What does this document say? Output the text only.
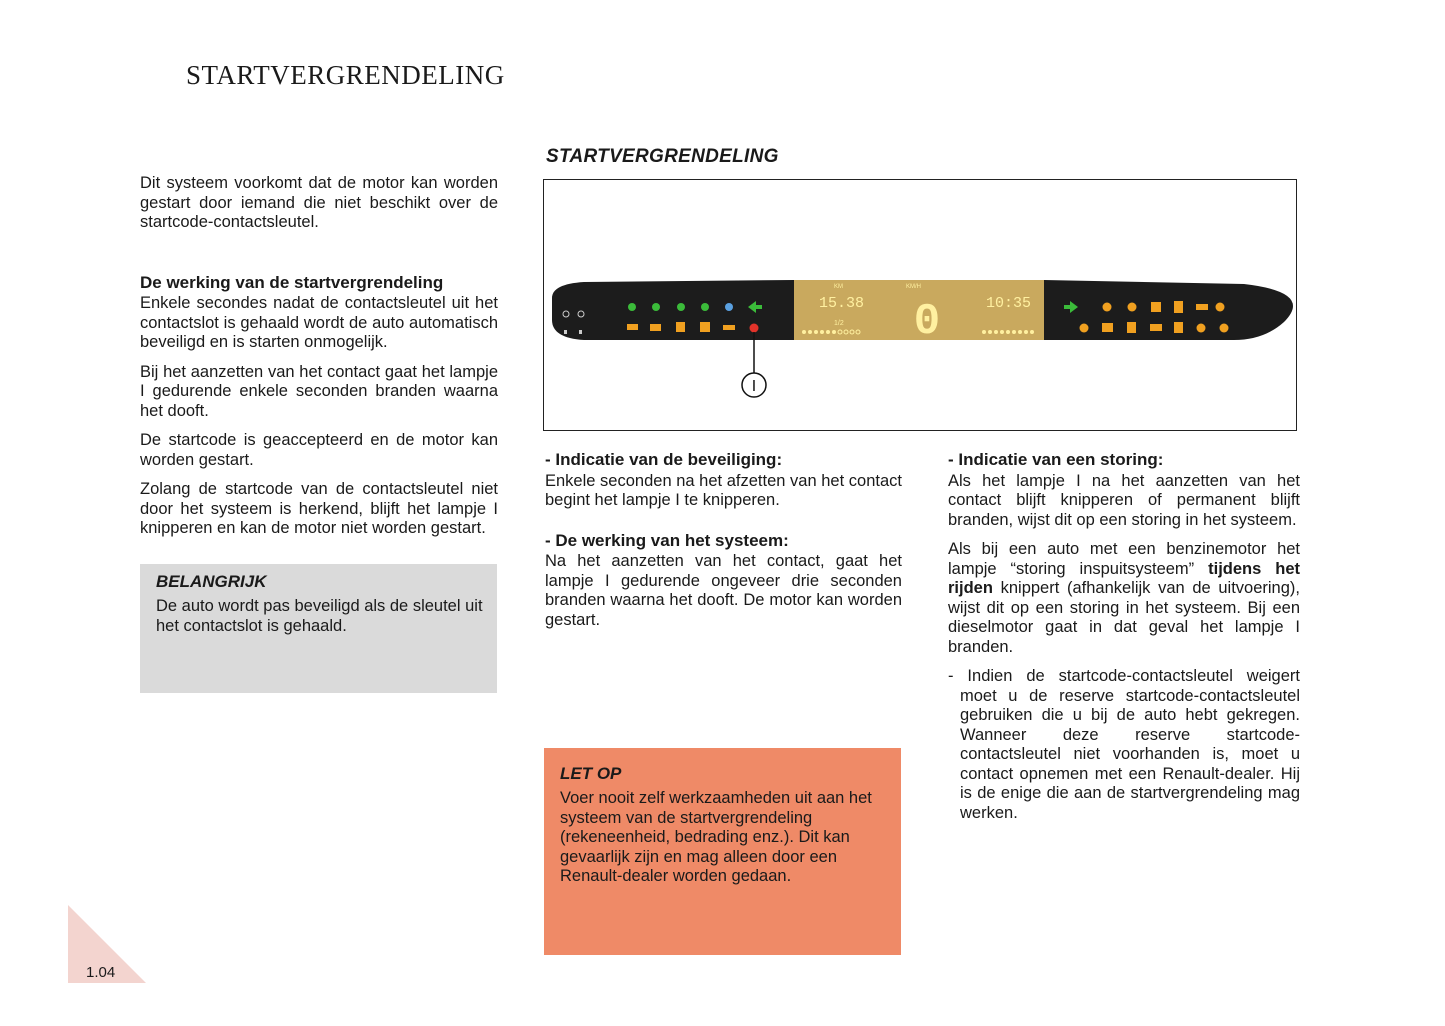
STARTVERGRENDELING

Dit systeem voorkomt dat de motor kan worden gestart door iemand die niet beschikt over de startcode-contactsleutel.

De werking van de startvergrendeling

Enkele secondes nadat de contactsleutel uit het contactslot is gehaald wordt de auto automatisch beveiligd en is starten onmogelijk.

Bij het aanzetten van het contact gaat het lampje I gedurende enkele seconden branden waarna het dooft.

De startcode is geaccepteerd en de motor kan worden gestart.

Zolang de startcode van de contactsleutel niet door het systeem is herkend, blijft het lampje I knipperen en kan de motor niet worden gestart.

BELANGRIJK
De auto wordt pas beveiligd als de sleutel uit het contactslot is gehaald.
STARTVERGRENDELING
I
KM	KM/H
15.38	10:35
0
1/2
- Indicatie van de beveiliging:

Enkele seconden na het afzetten van het contact begint het lampje I te knipperen.

- De werking van het systeem:

Na het aanzetten van het contact, gaat het lampje I gedurende ongeveer drie seconden branden waarna het dooft. De motor kan worden gestart.

LET OP
Voer nooit zelf werkzaamheden uit aan het systeem van de startvergrendeling (rekeneenheid, bedrading enz.). Dit kan gevaarlijk zijn en mag alleen door een Renault-dealer worden gedaan.
- Indicatie van een storing:

Als het lampje I na het aanzetten van het contact blijft knipperen of permanent blijft branden, wijst dit op een storing in het systeem.

Als bij een auto met een benzinemotor het lampje “storing inspuitsysteem” tijdens het rijden knippert (afhankelijk van de uitvoering), wijst dit op een storing in het systeem. Bij een dieselmotor gaat in dat geval het lampje I branden.

- Indien de startcode-contactsleutel weigert moet u de reserve startcode-contactsleutel gebruiken die u bij de auto hebt gekregen. Wanneer deze reserve startcode-contactsleutel niet voorhanden is, moet u contact opnemen met een Renault-dealer. Hij is de enige die aan de startvergrendeling mag werken.

1.04
